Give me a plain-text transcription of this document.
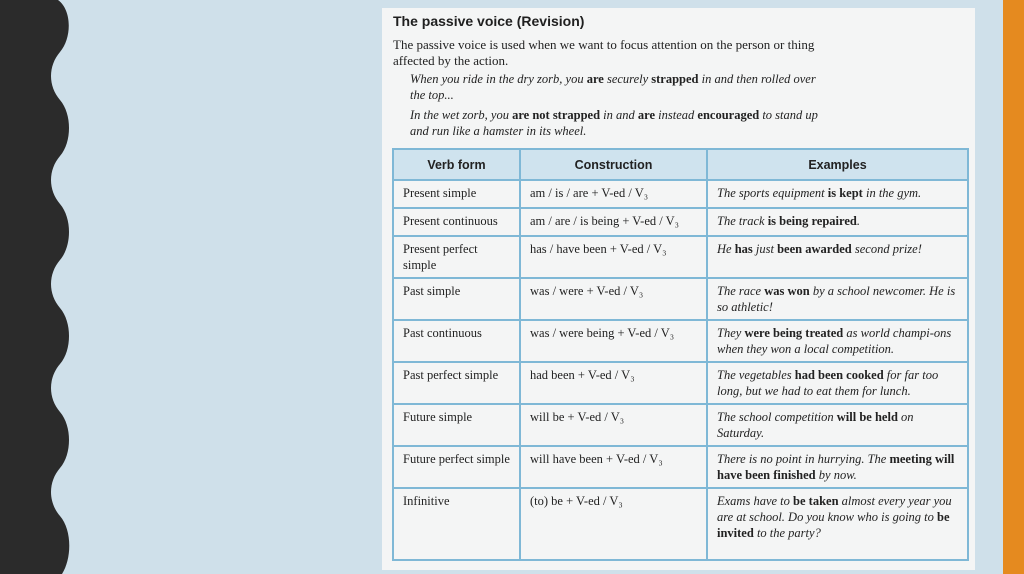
The passive voice (Revision)
The passive voice is used when we want to focus attention on the person or thing affected by the action.
When you ride in the dry zorb, you are securely strapped in and then rolled over the top...
In the wet zorb, you are not strapped in and are instead encouraged to stand up and run like a hamster in its wheel.
Verb form	Construction	Examples
Present simple	am / is / are + V-ed / V₃	The sports equipment is kept in the gym.
Present continuous	am / are / is being + V-ed / V₃	The track is being repaired.
Present perfect simple	has / have been + V-ed / V₃	He has just been awarded second prize!
Past simple	was / were + V-ed / V₃	The race was won by a school newcomer. He is so athletic!
Past continuous	was / were being + V-ed / V₃	They were being treated as world champi-ons when they won a local competition.
Past perfect simple	had been + V-ed / V₃	The vegetables had been cooked for far too long, but we had to eat them for lunch.
Future simple	will be + V-ed / V₃	The school competition will be held on Saturday.
Future perfect simple	will have been + V-ed / V₃	There is no point in hurrying. The meeting will have been finished by now.
Infinitive	(to) be + V-ed / V₃	Exams have to be taken almost every year you are at school. Do you know who is going to be invited to the party?
